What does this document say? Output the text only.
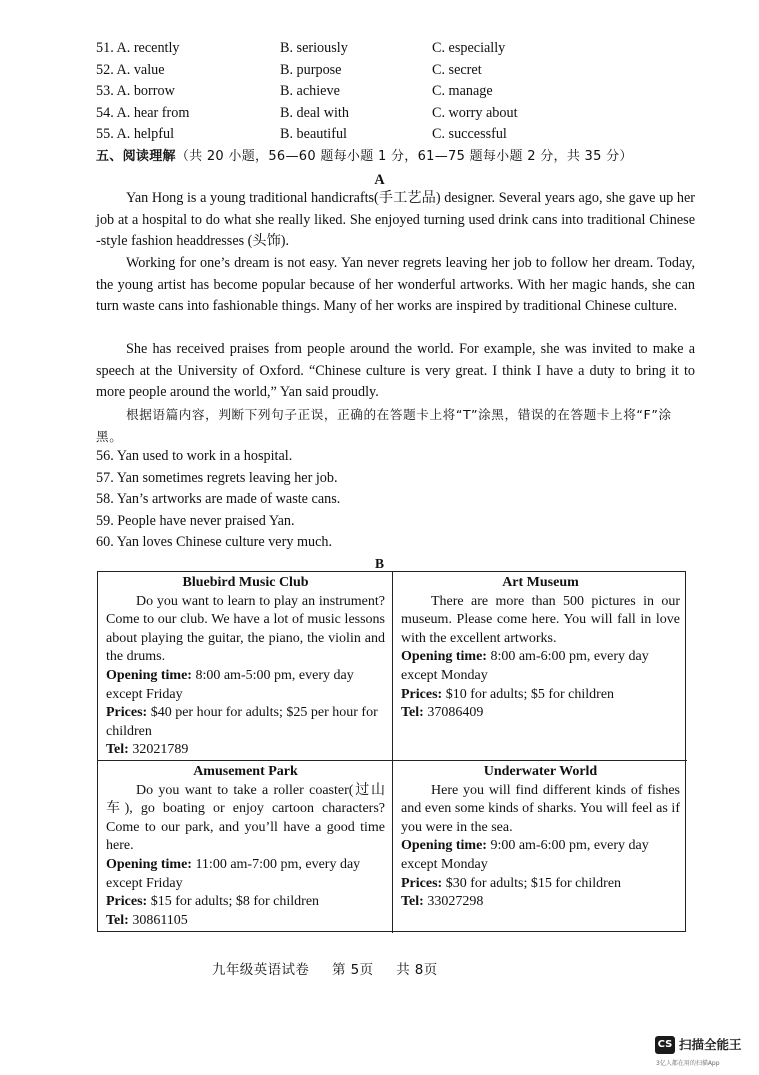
51. A. recently	B. seriously	C. especially
52. A. value	B. purpose	C. secret
53. A. borrow	B. achieve	C. manage
54. A. hear from	B. deal with	C. worry about
55. A. helpful	B. beautiful	C. successful
五、阅读理解（共 20 小题，56—60 题每小题 1 分，61—75 题每小题 2 分，共 35 分）
A

Yan Hong is a young traditional handicrafts(手工艺品) designer. Several years ago, she gave up her job at a hospital to do what she really liked. She enjoyed turning used drink cans into traditional Chinese -style fashion headdresses (头饰).

Working for one’s dream is not easy. Yan never regrets leaving her job to follow her dream. Today, the young artist has become popular because of her wonderful artworks. With her magic hands, she can turn waste cans into fashionable things. Many of her works are inspired by traditional Chinese culture.

She has received praises from people around the world. For example, she was invited to make a speech at the University of Oxford. “Chinese culture is very great. I think I have a duty to bring it to more people around the world,” Yan said proudly.

根据语篇内容，判断下列句子正误，正确的在答题卡上将“T”涂黑，错误的在答题卡上将“F”涂黑。
56. Yan used to work in a hospital.
57. Yan sometimes regrets leaving her job.
58. Yan’s artworks are made of waste cans.
59. People have never praised Yan.
60. Yan loves Chinese culture very much.
B
Bluebird Music Club

Do you want to learn to play an instrument? Come to our club. We have a lot of music lessons about playing the guitar, the piano, the violin and the drums.

Opening time: 8:00 am-5:00 pm, every day except Friday

Prices: $40 per hour for adults; $25 per hour for children

Tel: 32021789

Art Museum

There are more than 500 pictures in our museum. Please come here. You will fall in love with the excellent artworks.

Opening time: 8:00 am-6:00 pm, every day except Monday

Prices: $10 for adults; $5 for children

Tel: 37086409

Amusement Park

Do you want to take a roller coaster(过山车), go boating or enjoy cartoon characters? Come to our park, and you’ll have a good time here.

Opening time: 11:00 am-7:00 pm, every day except Friday

Prices: $15 for adults; $8 for children

Tel: 30861105

Underwater World

Here you will find different kinds of fishes and even some kinds of sharks. You will feel as if you were in the sea.

Opening time: 9:00 am-6:00 pm, every day except Monday

Prices: $30 for adults; $15 for children

Tel: 33027298

九年级英语试卷 第 5页 共 8页
CS 扫描全能王
3亿人都在用的扫描App
